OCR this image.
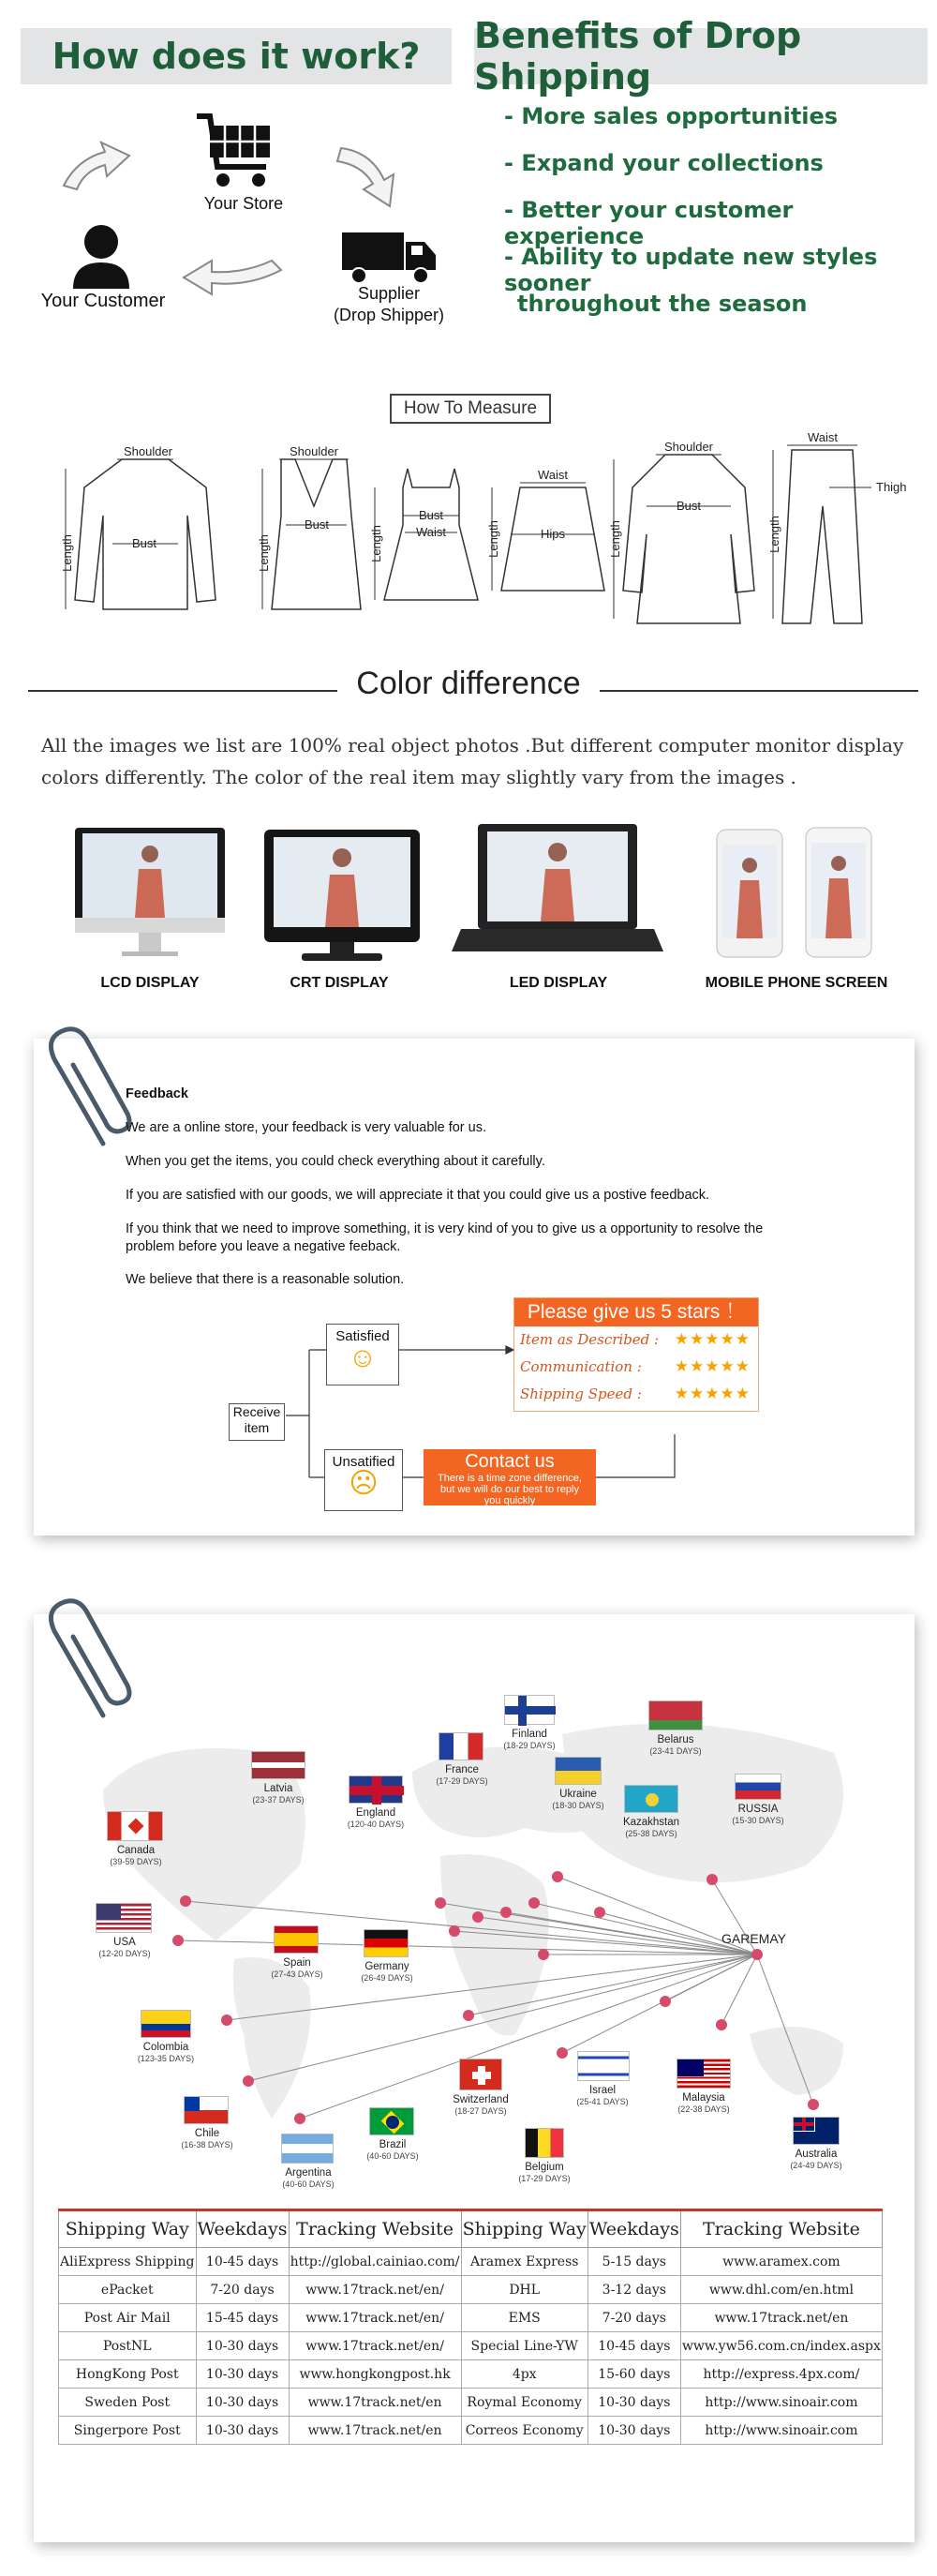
How does it work?	Benefits of Drop Shipping
Your Store
Your Customer	Supplier
(Drop Shipper)
- More sales opportunities
- Expand your collections
- Better your customer experience
- Ability to update new styles sooner
throughout the season
How To Measure
Shoulder
Bust
Length
Shoulder
Bust
Length
Bust
Waist
Length
Waist
Hips
Length
Shoulder
Bust
Length
Waist
Length
Thigh
Color difference
All the images we list are 100% real object photos .But different computer monitor display colors differently. The color of the real item may slightly vary from the images .
LCD DISPLAY	CRT DISPLAY	LED DISPLAY	MOBILE PHONE SCREEN
Feedback
We are a online store, your feedback is very valuable for us.
When you get the items, you could check everything about it carefully.
If you are satisfied with our goods, we will appreciate it that you could give us a postive feedback.
If you think that we need to improve something, it is very kind of you to give us a opportunity to resolve the problem before you leave a negative feeback.
We believe that there is a reasonable solution.
Receive item
Satisfied
☺
Unsatified
☹
Please give us 5 stars ！
Item as Described : ★★★★★
Communication : ★★★★★
Shipping Speed : ★★★★★
Contact us
There is a time zone difference, but we will do our best to reply you quickly
GAREMAY
Latvia
(23-37 DAYS)
England
(120-40 DAYS)
France
(17-29 DAYS)
Finland
(18-29 DAYS)	Belarus
(23-41 DAYS)
Ukraine
(18-30 DAYS)
Kazakhstan
(25-38 DAYS)
RUSSIA
(15-30 DAYS)
Canada
(39-59 DAYS)
USA
(12-20 DAYS)
Spain
(27-43 DAYS)
Germany
(26-49 DAYS)
Colombia
(123-35 DAYS)
Switzerland
(18-27 DAYS)
Israel
(25-41 DAYS)	Malaysia
(22-38 DAYS)
Chile
(16-38 DAYS)
Argentina
(40-60 DAYS)
Brazil
(40-60 DAYS)
Belgium
(17-29 DAYS)
Australia
(24-49 DAYS)
Shipping Way	Weekdays	Tracking Website	Shipping Way	Weekdays	Tracking Website
AliExpress Shipping	10-45 days	http://global.cainiao.com/	Aramex Express	5-15 days	www.aramex.com
ePacket	7-20 days	www.17track.net/en/	DHL	3-12 days	www.dhl.com/en.html
Post Air Mail	15-45 days	www.17track.net/en/	EMS	7-20 days	www.17track.net/en
PostNL	10-30 days	www.17track.net/en/	Special Line-YW	10-45 days	www.yw56.com.cn/index.aspx
HongKong Post	10-30 days	www.hongkongpost.hk	4px	15-60 days	http://express.4px.com/
Sweden Post	10-30 days	www.17track.net/en	Roymal Economy	10-30 days	http://www.sinoair.com
Singerpore Post	10-30 days	www.17track.net/en	Correos Economy	10-30 days	http://www.sinoair.com
